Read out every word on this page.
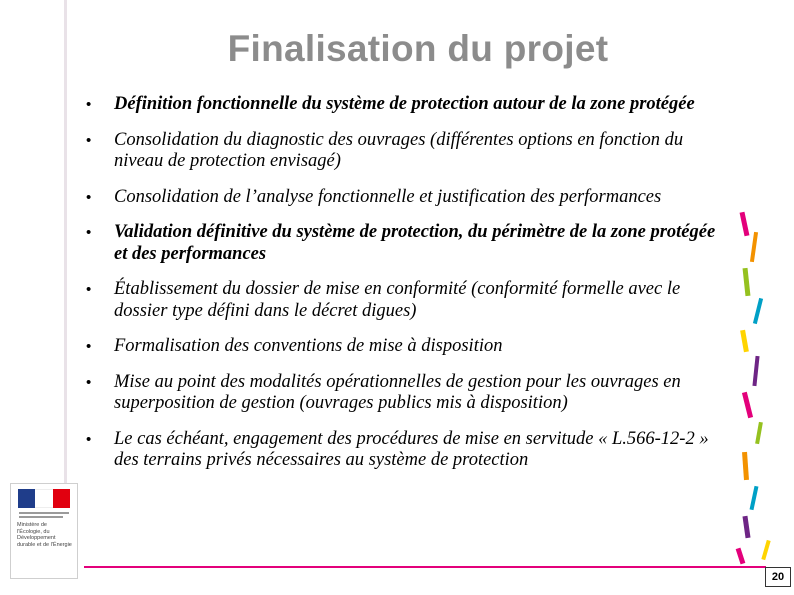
Finalisation du projet
• Définition fonctionnelle du système de protection autour de la zone protégée
• Consolidation du diagnostic des ouvrages (différentes options en fonction du niveau de protection envisagé)
• Consolidation de l’analyse fonctionnelle et justification des performances
• Validation définitive du système de protection, du périmètre de la zone protégée et des performances
• Établissement du dossier de mise en conformité (conformité formelle avec le dossier type défini dans le décret digues)
• Formalisation des conventions de mise à disposition
• Mise au point des modalités opérationnelles de gestion pour les ouvrages en superposition de gestion (ouvrages publics mis à disposition)
• Le cas échéant, engagement des procédures de mise en servitude « L.566-12-2 » des terrains privés nécessaires au système de protection
20
Ministère de l'Écologie, du Développement durable et de l'Énergie
